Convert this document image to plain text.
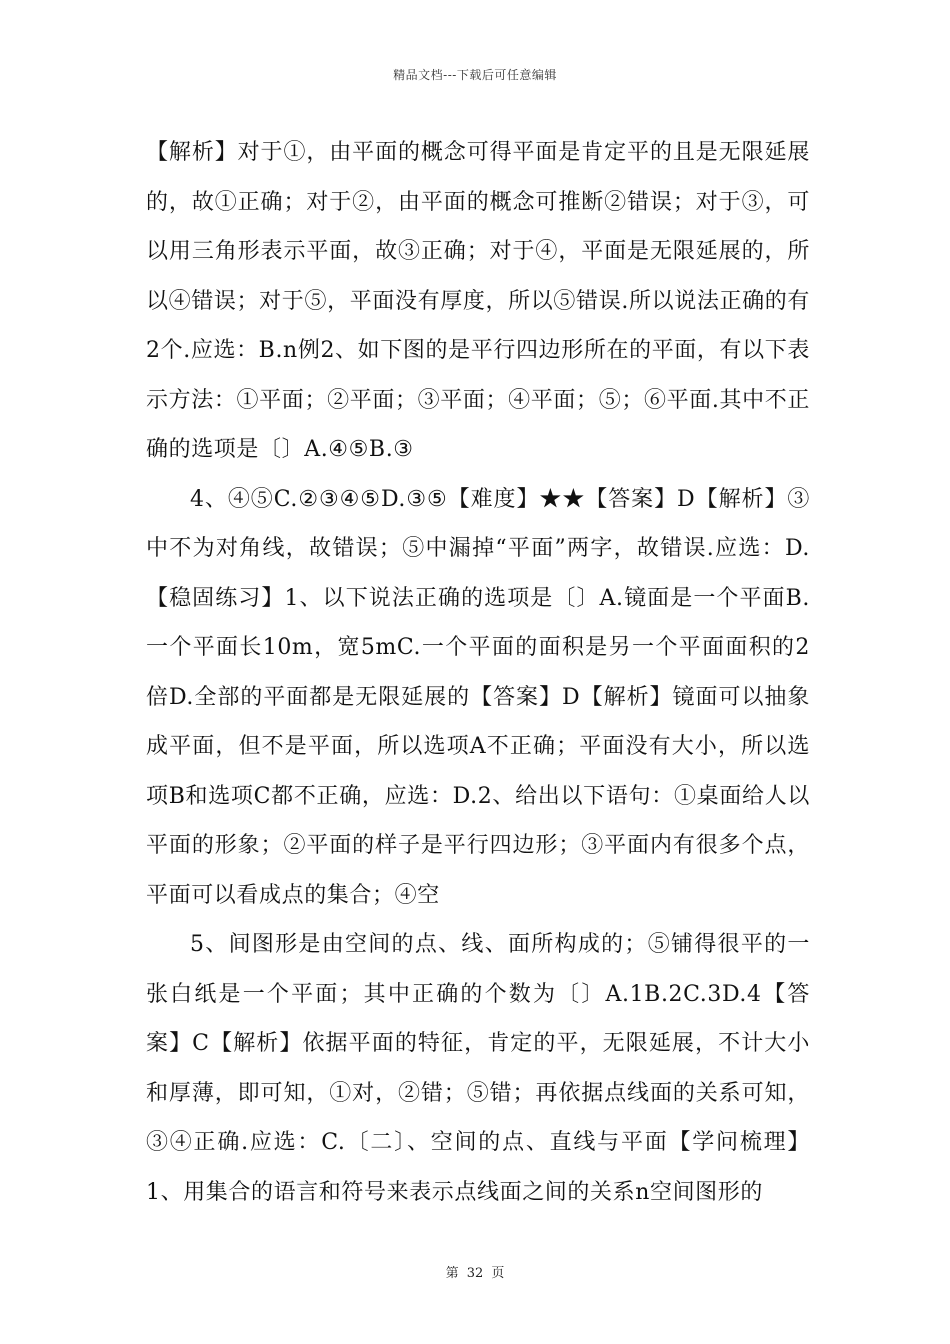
精品文档---下载后可任意编辑

【解析】对于①，由平面的概念可得平面是肯定平的且是无限延展的，故①正确；对于②，由平面的概念可推断②错误；对于③，可以用三角形表示平面，故③正确；对于④，平面是无限延展的，所以④错误；对于⑤，平面没有厚度，所以⑤错误.所以说法正确的有2个.应选：B.n例2、如下图的是平行四边形所在的平面，有以下表示方法：①平面；②平面；③平面；④平面；⑤；⑥平面.其中不正确的选项是〔〕A.④⑤B.③

4、④⑤C.②③④⑤D.③⑤【难度】★★【答案】D【解析】③中不为对角线，故错误；⑤中漏掉“平面”两字，故错误.应选：D.【稳固练习】1、以下说法正确的选项是〔〕A.镜面是一个平面B.一个平面长10m，宽5mC.一个平面的面积是另一个平面面积的2倍D.全部的平面都是无限延展的【答案】D【解析】镜面可以抽象成平面，但不是平面，所以选项A不正确；平面没有大小，所以选项B和选项C都不正确，应选：D.2、给出以下语句：①桌面给人以平面的形象；②平面的样子是平行四边形；③平面内有很多个点，平面可以看成点的集合；④空

5、间图形是由空间的点、线、面所构成的；⑤铺得很平的一张白纸是一个平面；其中正确的个数为〔〕A.1B.2C.3D.4【答案】C【解析】依据平面的特征，肯定的平，无限延展，不计大小和厚薄，即可知，①对，②错；⑤错；再依据点线面的关系可知，③④正确.应选：C.〔二〕、空间的点、直线与平面【学问梳理】1、用集合的语言和符号来表示点线面之间的关系n空间图形的

第 32 页
